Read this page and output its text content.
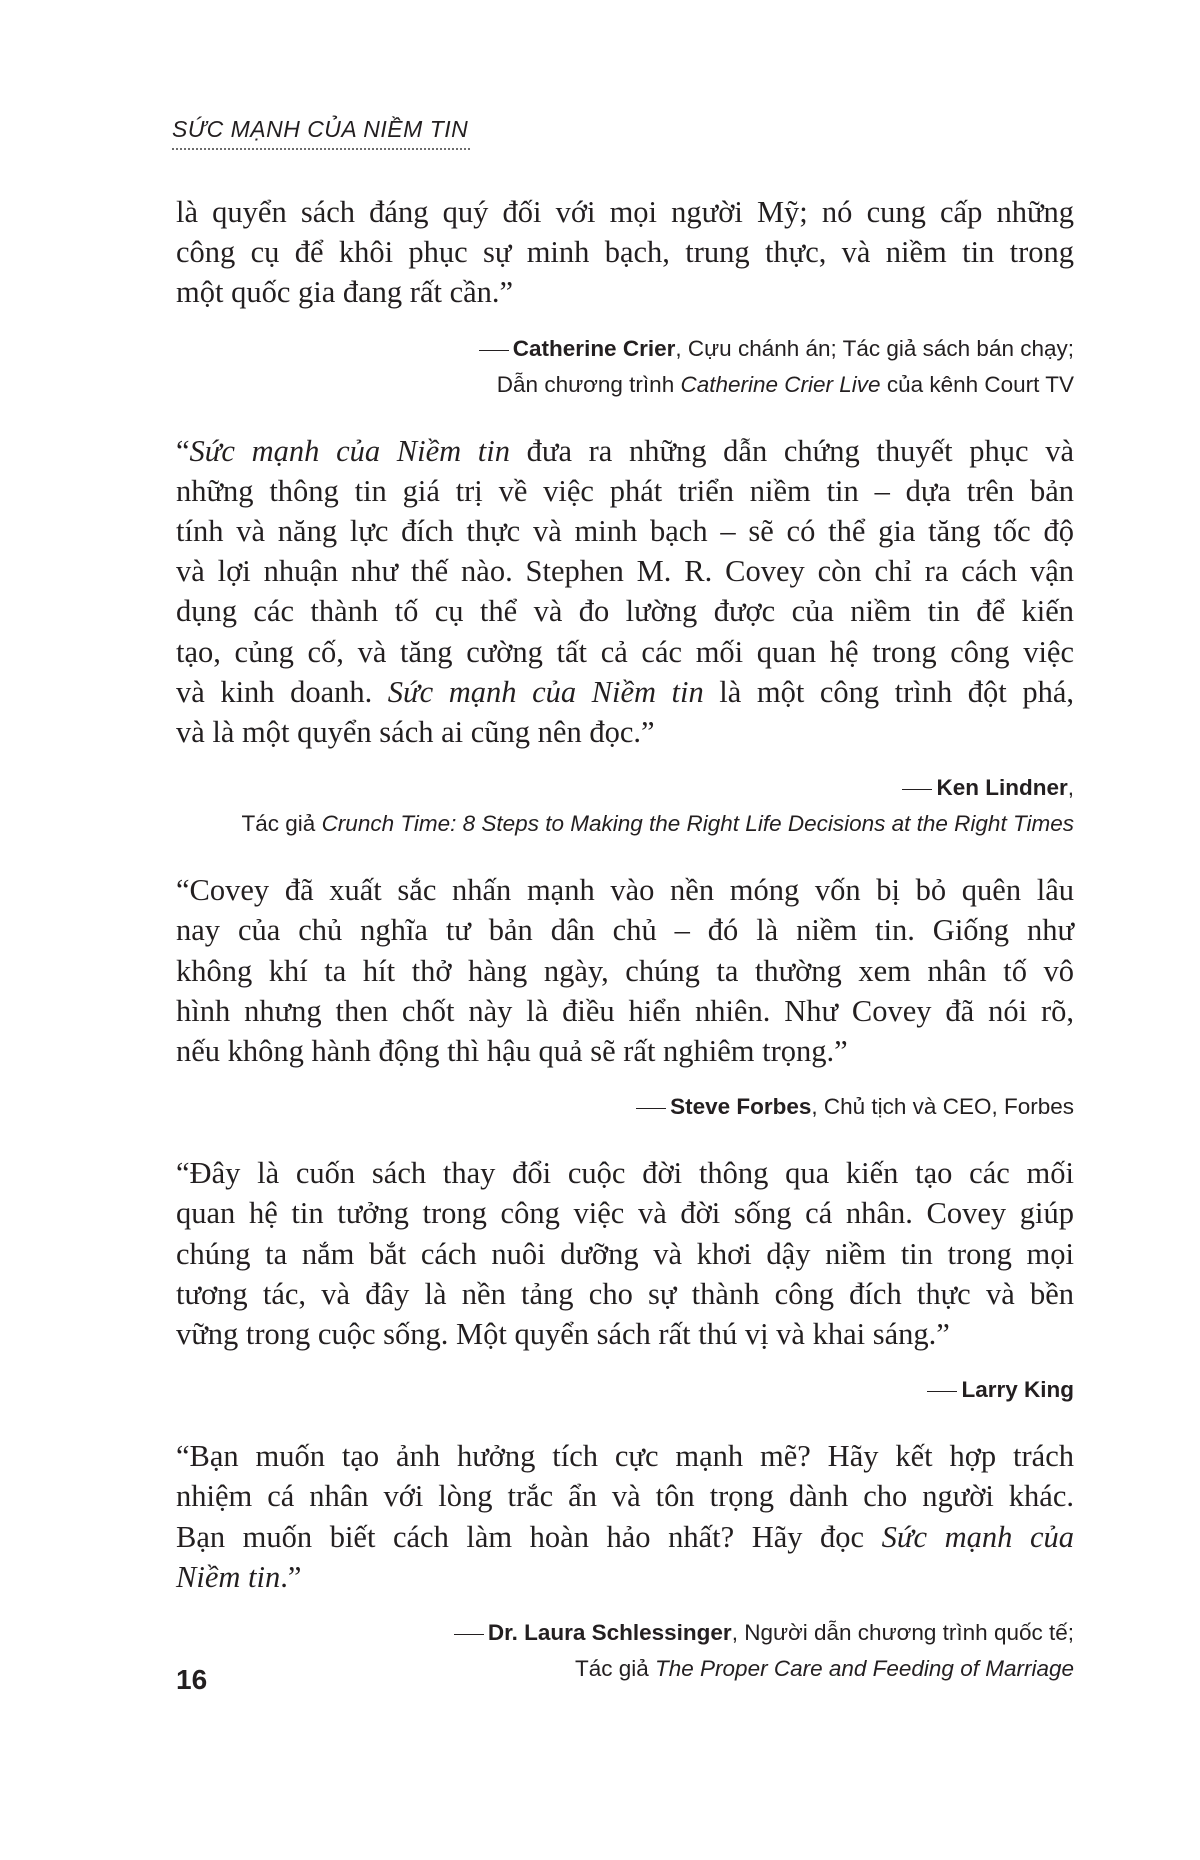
SỨC MẠNH CỦA NIỀM TIN
là quyển sách đáng quý đối với mọi người Mỹ; nó cung cấp những
công cụ để khôi phục sự minh bạch, trung thực, và niềm tin trong
một quốc gia đang rất cần.”
Catherine Crier, Cựu chánh án; Tác giả sách bán chạy;
Dẫn chương trình Catherine Crier Live của kênh Court TV
“Sức mạnh của Niềm tin đưa ra những dẫn chứng thuyết phục và
những thông tin giá trị về việc phát triển niềm tin – dựa trên bản
tính và năng lực đích thực và minh bạch – sẽ có thể gia tăng tốc độ
và lợi nhuận như thế nào. Stephen M. R. Covey còn chỉ ra cách vận
dụng các thành tố cụ thể và đo lường được của niềm tin để kiến
tạo, củng cố, và tăng cường tất cả các mối quan hệ trong công việc
và kinh doanh. Sức mạnh của Niềm tin là một công trình đột phá,
và là một quyển sách ai cũng nên đọc.”
Ken Lindner,
Tác giả Crunch Time: 8 Steps to Making the Right Life Decisions at the Right Times
“Covey đã xuất sắc nhấn mạnh vào nền móng vốn bị bỏ quên lâu
nay của chủ nghĩa tư bản dân chủ – đó là niềm tin. Giống như
không khí ta hít thở hàng ngày, chúng ta thường xem nhân tố vô
hình nhưng then chốt này là điều hiển nhiên. Như Covey đã nói rõ,
nếu không hành động thì hậu quả sẽ rất nghiêm trọng.”
Steve Forbes, Chủ tịch và CEO, Forbes
“Đây là cuốn sách thay đổi cuộc đời thông qua kiến tạo các mối
quan hệ tin tưởng trong công việc và đời sống cá nhân. Covey giúp
chúng ta nắm bắt cách nuôi dưỡng và khơi dậy niềm tin trong mọi
tương tác, và đây là nền tảng cho sự thành công đích thực và bền
vững trong cuộc sống. Một quyển sách rất thú vị và khai sáng.”
Larry King
“Bạn muốn tạo ảnh hưởng tích cực mạnh mẽ? Hãy kết hợp trách
nhiệm cá nhân với lòng trắc ẩn và tôn trọng dành cho người khác.
Bạn muốn biết cách làm hoàn hảo nhất? Hãy đọc Sức mạnh của
Niềm tin.”
Dr. Laura Schlessinger, Người dẫn chương trình quốc tế;
Tác giả The Proper Care and Feeding of Marriage
16
